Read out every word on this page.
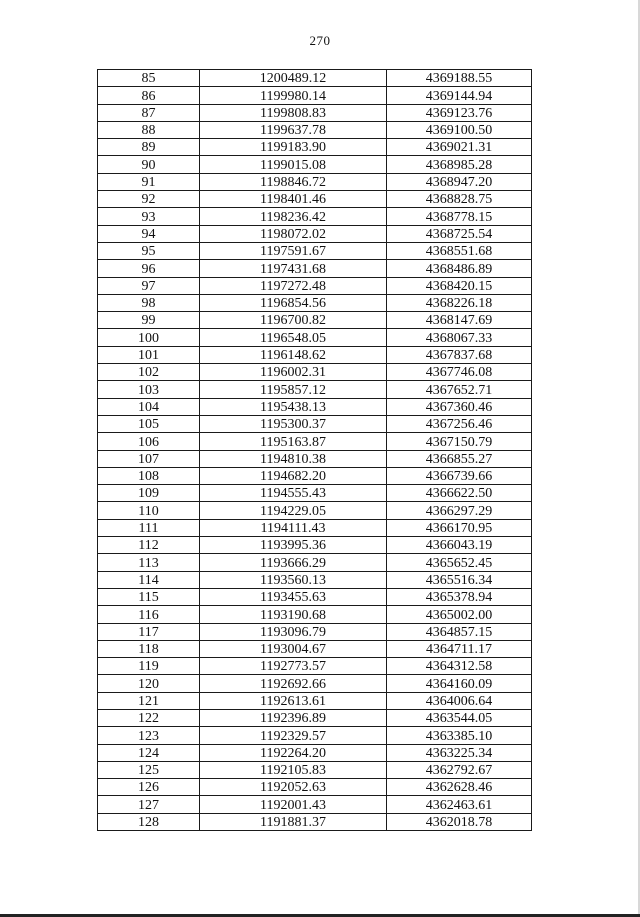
270
85	1200489.12	4369188.55
86	1199980.14	4369144.94
87	1199808.83	4369123.76
88	1199637.78	4369100.50
89	1199183.90	4369021.31
90	1199015.08	4368985.28
91	1198846.72	4368947.20
92	1198401.46	4368828.75
93	1198236.42	4368778.15
94	1198072.02	4368725.54
95	1197591.67	4368551.68
96	1197431.68	4368486.89
97	1197272.48	4368420.15
98	1196854.56	4368226.18
99	1196700.82	4368147.69
100	1196548.05	4368067.33
101	1196148.62	4367837.68
102	1196002.31	4367746.08
103	1195857.12	4367652.71
104	1195438.13	4367360.46
105	1195300.37	4367256.46
106	1195163.87	4367150.79
107	1194810.38	4366855.27
108	1194682.20	4366739.66
109	1194555.43	4366622.50
110	1194229.05	4366297.29
111	1194111.43	4366170.95
112	1193995.36	4366043.19
113	1193666.29	4365652.45
114	1193560.13	4365516.34
115	1193455.63	4365378.94
116	1193190.68	4365002.00
117	1193096.79	4364857.15
118	1193004.67	4364711.17
119	1192773.57	4364312.58
120	1192692.66	4364160.09
121	1192613.61	4364006.64
122	1192396.89	4363544.05
123	1192329.57	4363385.10
124	1192264.20	4363225.34
125	1192105.83	4362792.67
126	1192052.63	4362628.46
127	1192001.43	4362463.61
128	1191881.37	4362018.78
